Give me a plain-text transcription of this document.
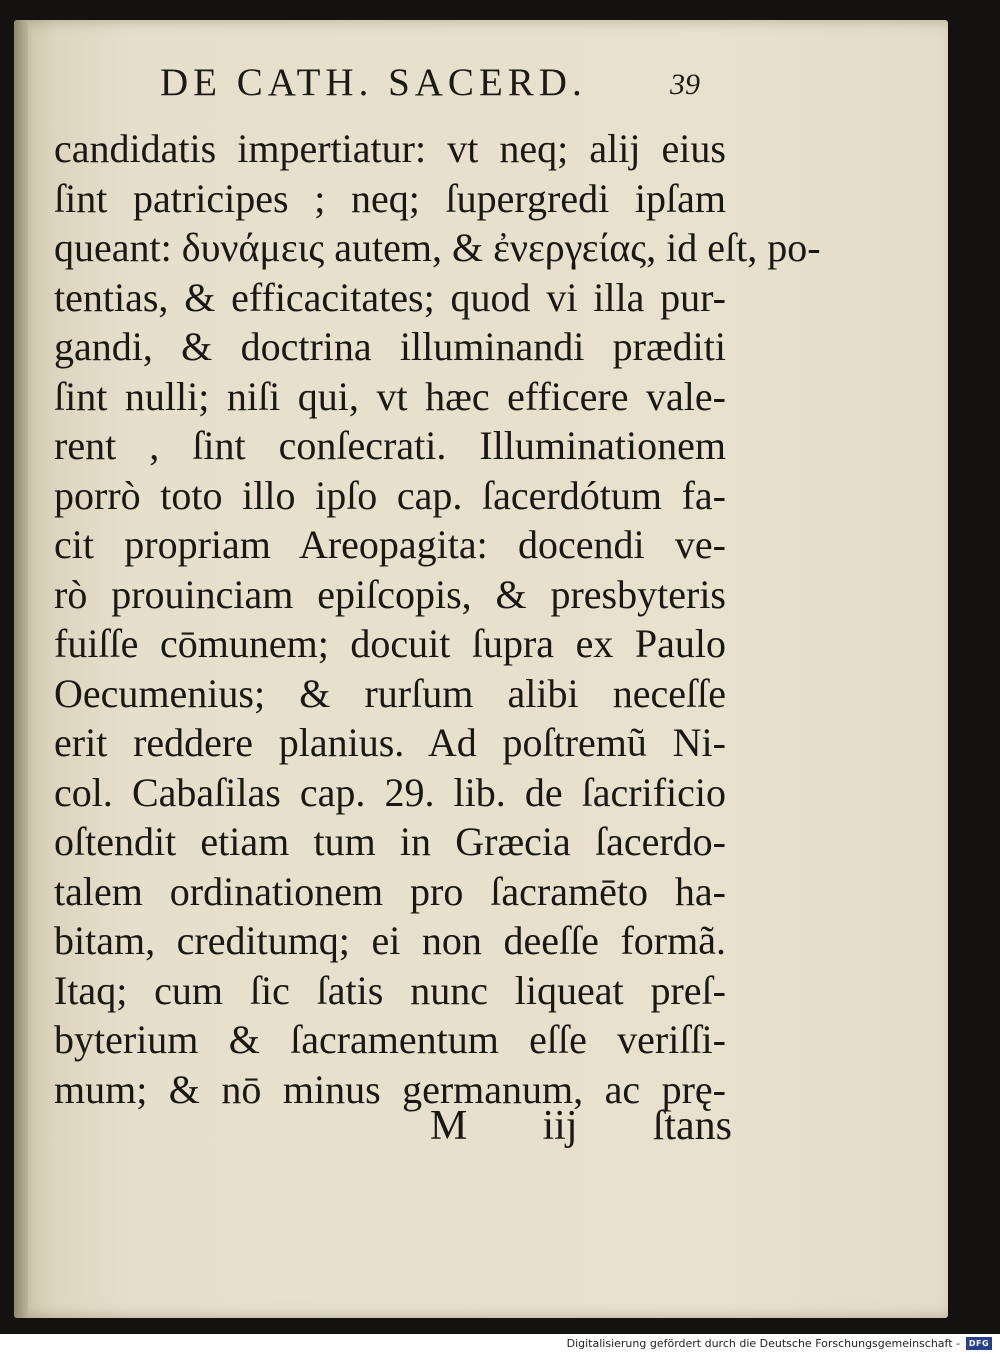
DE CATH. SACERD.	39
candidatis impertiatur: vt neq; alij eius
ſint patricipes ; neq; ſupergredi ipſam
queant: δυνάμεις autem, & ἐνεργείας, id eſt, po-
tentias, & efficacitates; quod vi illa pur-
gandi, & doctrina illuminandi præditi
ſint nulli; niſi qui, vt hæc efficere vale-
rent , ſint conſecrati. Illuminationem
porrò toto illo ipſo cap. ſacerdótum fa-
cit propriam Areopagita: docendi ve-
rò prouinciam epiſcopis, & presbyteris
fuiſſe cōmunem; docuit ſupra ex Paulo
Oecumenius; & rurſum alibi neceſſe
erit reddere planius. Ad poſtremũ Ni-
col. Cabaſilas cap. 29. lib. de ſacrificio
oſtendit etiam tum in Græcia ſacerdo-
talem ordinationem pro ſacramēto ha-
bitam, creditumq; ei non deeſſe formã.
Itaq; cum ſic ſatis nunc liqueat preſ-
byterium & ſacramentum eſſe veriſſi-
mum; & nō minus germanum, ac prę-
M iij ſtans
Digitalisierung gefördert durch die Deutsche Forschungsgemeinschaft -	DFG
